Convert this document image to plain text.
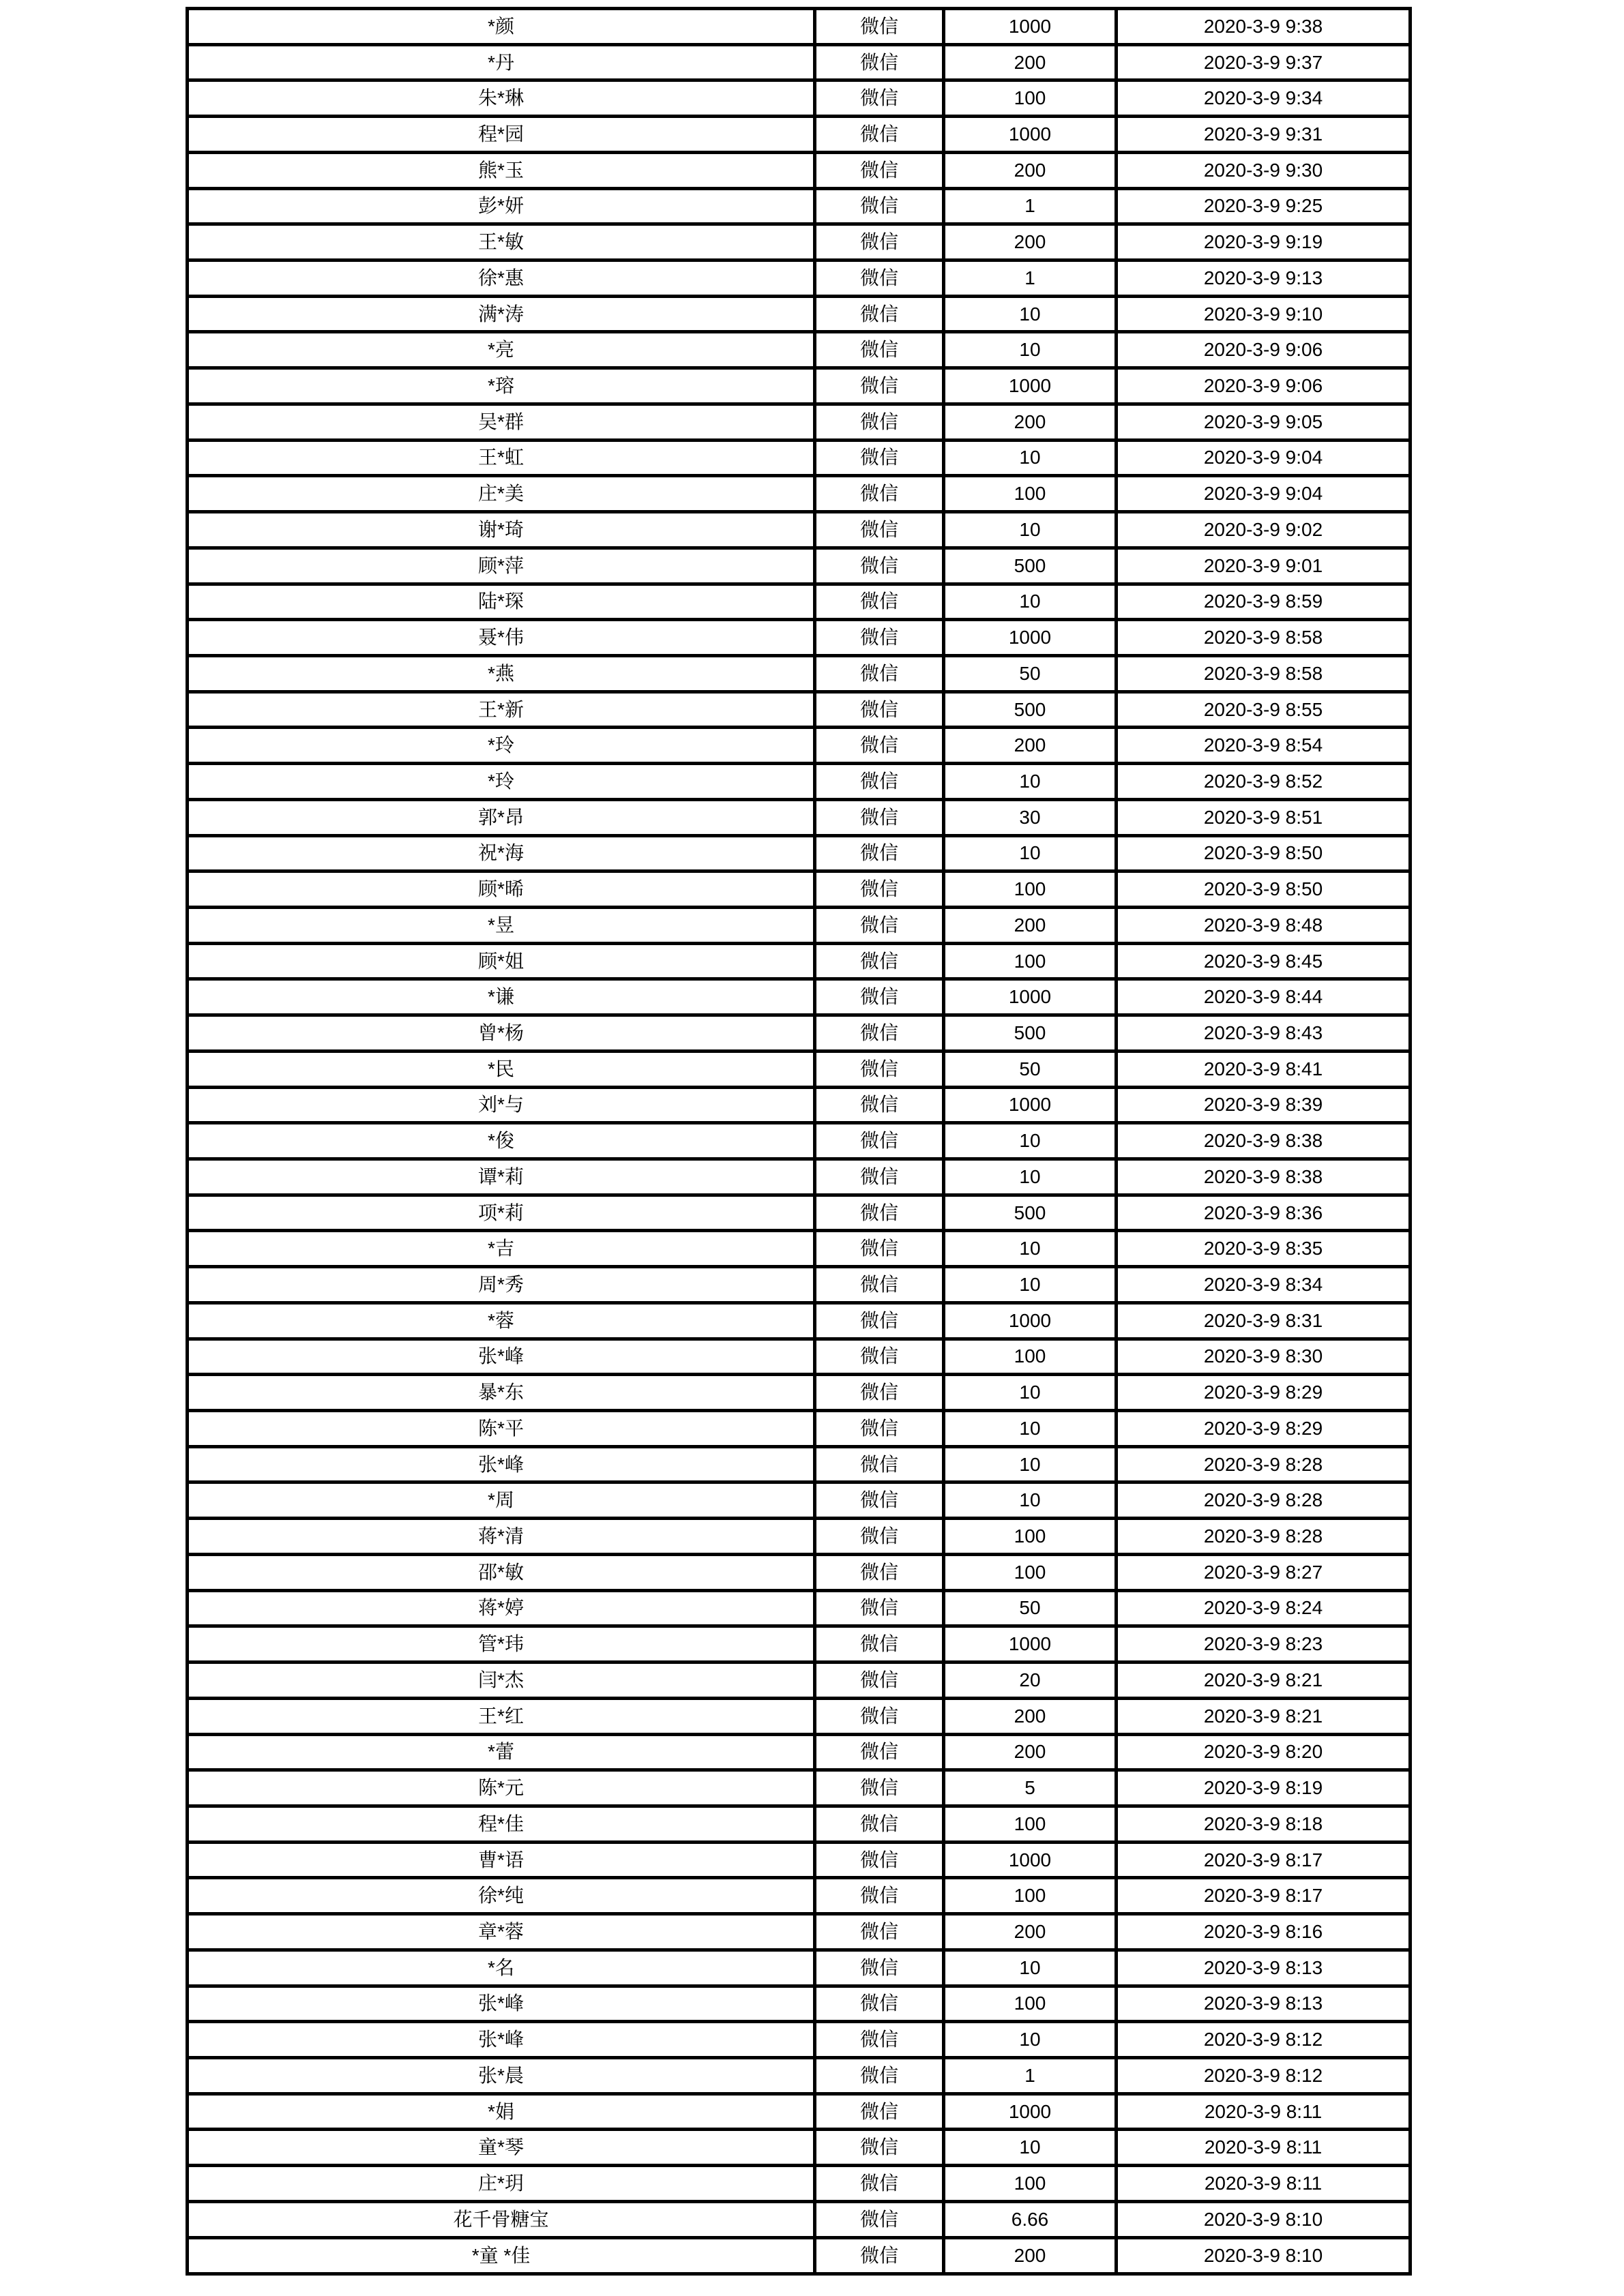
*颜	微信	1000	2020-3-9 9:38
*丹	微信	200	2020-3-9 9:37
朱*琳	微信	100	2020-3-9 9:34
程*园	微信	1000	2020-3-9 9:31
熊*玉	微信	200	2020-3-9 9:30
彭*妍	微信	1	2020-3-9 9:25
王*敏	微信	200	2020-3-9 9:19
徐*惠	微信	1	2020-3-9 9:13
满*涛	微信	10	2020-3-9 9:10
*亮	微信	10	2020-3-9 9:06
*瑢	微信	1000	2020-3-9 9:06
吴*群	微信	200	2020-3-9 9:05
王*虹	微信	10	2020-3-9 9:04
庄*美	微信	100	2020-3-9 9:04
谢*琦	微信	10	2020-3-9 9:02
顾*萍	微信	500	2020-3-9 9:01
陆*琛	微信	10	2020-3-9 8:59
聂*伟	微信	1000	2020-3-9 8:58
*燕	微信	50	2020-3-9 8:58
王*新	微信	500	2020-3-9 8:55
*玲	微信	200	2020-3-9 8:54
*玲	微信	10	2020-3-9 8:52
郭*昂	微信	30	2020-3-9 8:51
祝*海	微信	10	2020-3-9 8:50
顾*晞	微信	100	2020-3-9 8:50
*昱	微信	200	2020-3-9 8:48
顾*姐	微信	100	2020-3-9 8:45
*谦	微信	1000	2020-3-9 8:44
曾*杨	微信	500	2020-3-9 8:43
*民	微信	50	2020-3-9 8:41
刘*与	微信	1000	2020-3-9 8:39
*俊	微信	10	2020-3-9 8:38
谭*莉	微信	10	2020-3-9 8:38
项*莉	微信	500	2020-3-9 8:36
*吉	微信	10	2020-3-9 8:35
周*秀	微信	10	2020-3-9 8:34
*蓉	微信	1000	2020-3-9 8:31
张*峰	微信	100	2020-3-9 8:30
暴*东	微信	10	2020-3-9 8:29
陈*平	微信	10	2020-3-9 8:29
张*峰	微信	10	2020-3-9 8:28
*周	微信	10	2020-3-9 8:28
蒋*清	微信	100	2020-3-9 8:28
邵*敏	微信	100	2020-3-9 8:27
蒋*婷	微信	50	2020-3-9 8:24
管*玮	微信	1000	2020-3-9 8:23
闫*杰	微信	20	2020-3-9 8:21
王*红	微信	200	2020-3-9 8:21
*蕾	微信	200	2020-3-9 8:20
陈*元	微信	5	2020-3-9 8:19
程*佳	微信	100	2020-3-9 8:18
曹*语	微信	1000	2020-3-9 8:17
徐*纯	微信	100	2020-3-9 8:17
章*蓉	微信	200	2020-3-9 8:16
*名	微信	10	2020-3-9 8:13
张*峰	微信	100	2020-3-9 8:13
张*峰	微信	10	2020-3-9 8:12
张*晨	微信	1	2020-3-9 8:12
*娟	微信	1000	2020-3-9 8:11
童*琴	微信	10	2020-3-9 8:11
庄*玥	微信	100	2020-3-9 8:11
花千骨糖宝	微信	6.66	2020-3-9 8:10
*童 *佳	微信	200	2020-3-9 8:10
